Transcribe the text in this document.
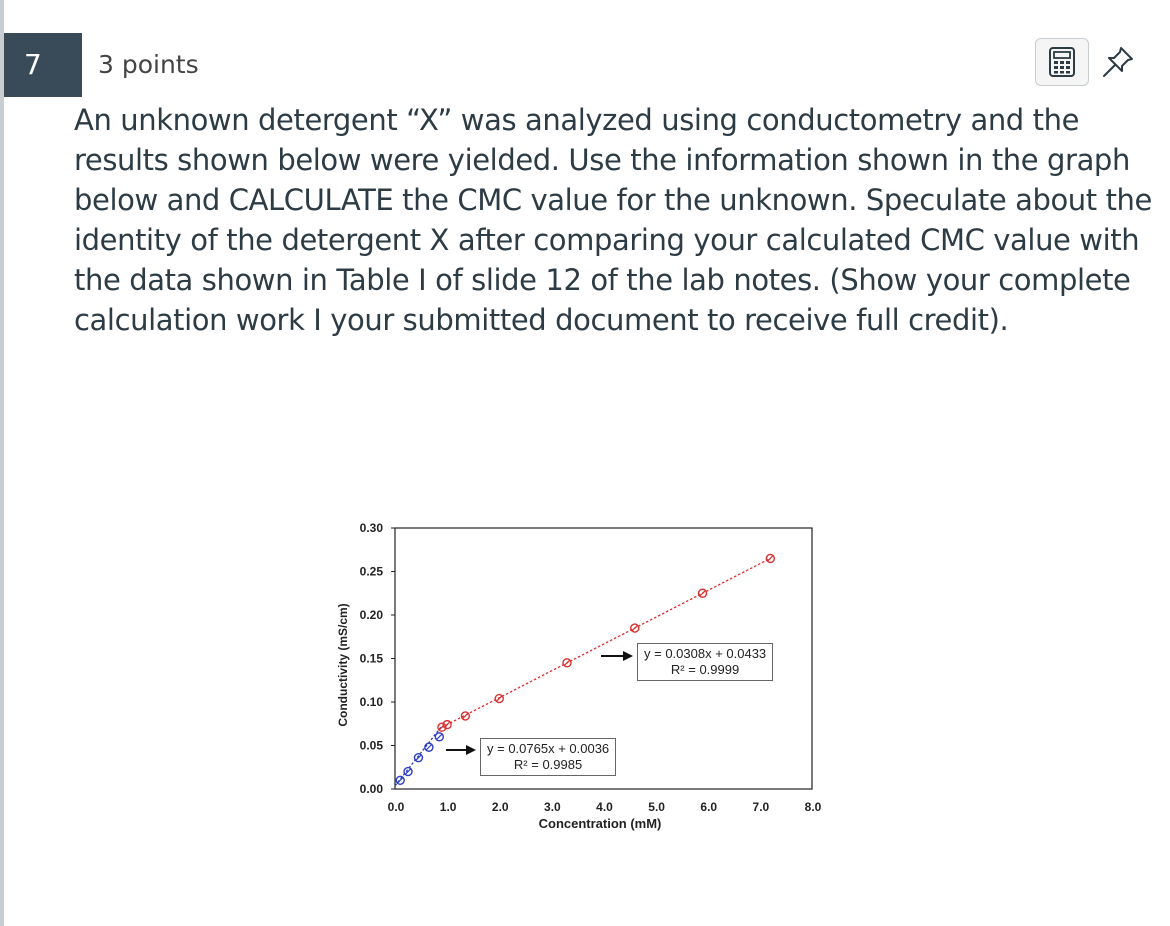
7	3 points
An unknown detergent “X” was analyzed using conductometry and the results shown below were yielded. Use the information shown in the graph below and CALCULATE the CMC value for the unknown. Speculate about the identity of the detergent X after comparing your calculated CMC value with the data shown in Table I of slide 12 of the lab notes. (Show your complete calculation work I your submitted document to receive full credit).
0.00
0.05
0.10
0.15
0.20
0.25
0.30
0.0	1.0	2.0	3.0	4.0	5.0	6.0	7.0	8.0
Concentration (mM)
Conductivity (mS/cm)
y = 0.0765x + 0.0036
R² = 0.9985
y = 0.0308x + 0.0433
R² = 0.9999
